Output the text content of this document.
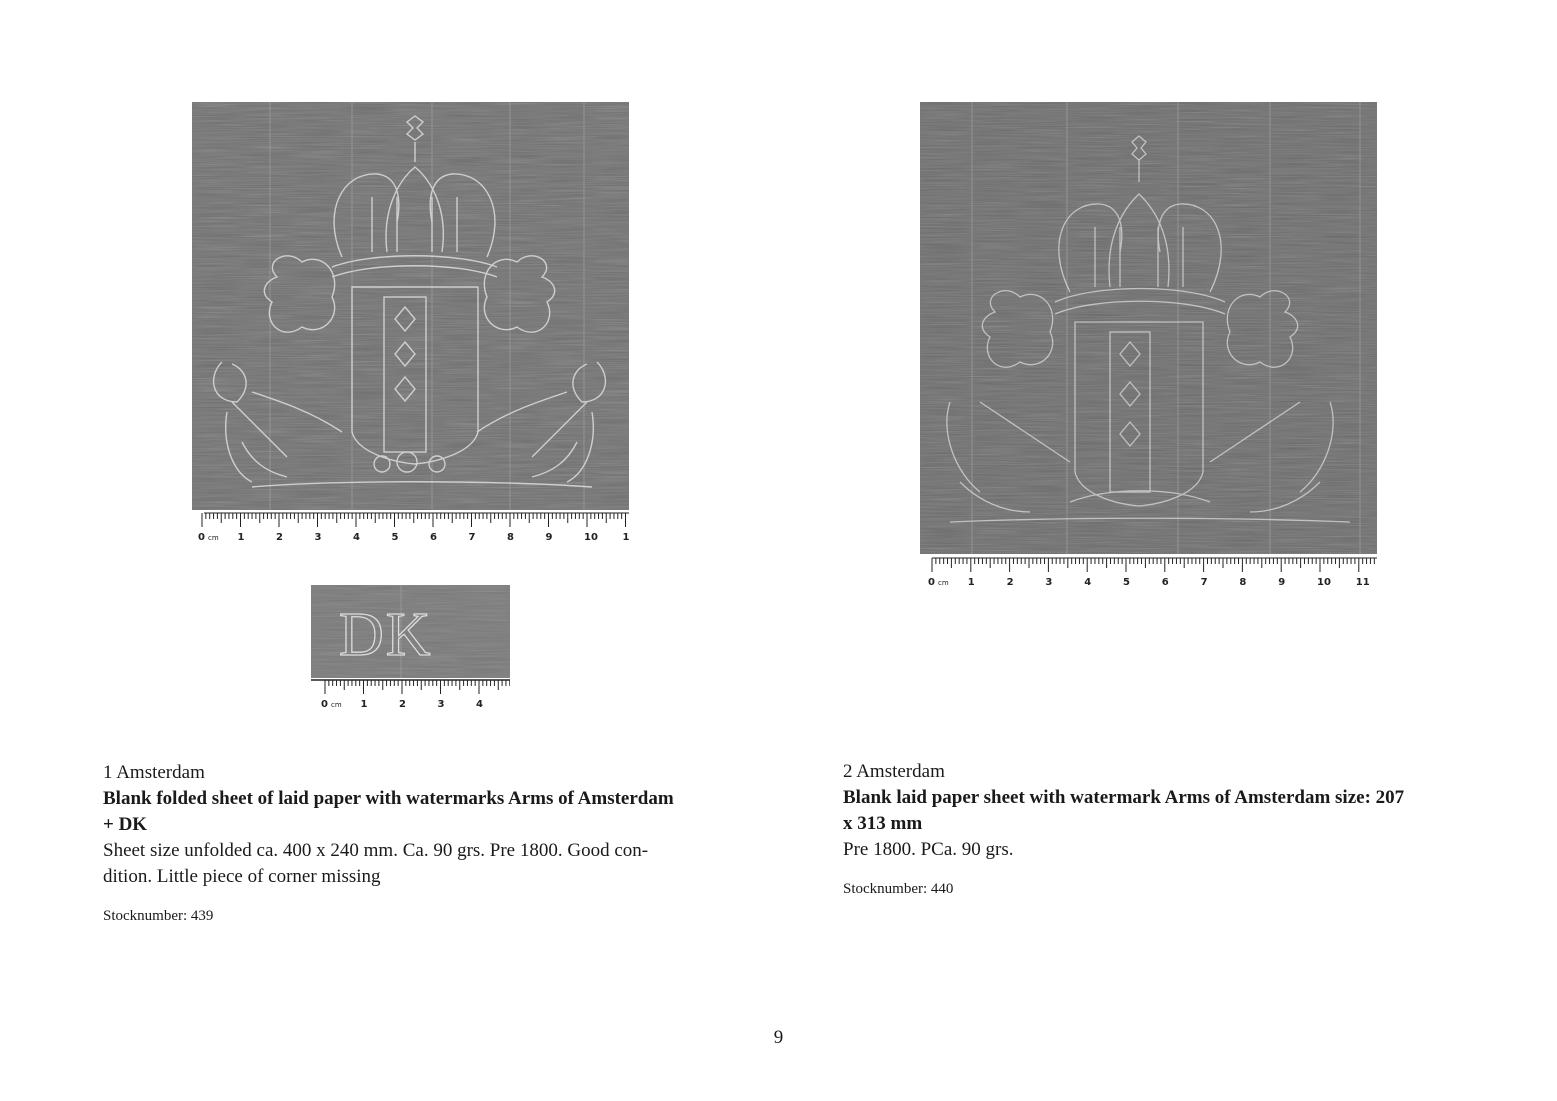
0 cm 1	2	3	4	5	6	7	8	9	10 1
DK
0 cm 1	2	3	4
0 cm 1	2	3	4	5	6	7	8	9	10 11

1 Amsterdam

Blank folded sheet of laid paper with watermarks Arms of Amsterdam

+ DK

Sheet size unfolded ca. 400 x 240 mm. Ca. 90 grs. Pre 1800. Good con-

dition. Little piece of corner missing

Stocknumber: 439

2 Amsterdam

Blank laid paper sheet with watermark Arms of Amsterdam size: 207

x 313 mm

Pre 1800. PCa. 90 grs.

Stocknumber: 440
9
